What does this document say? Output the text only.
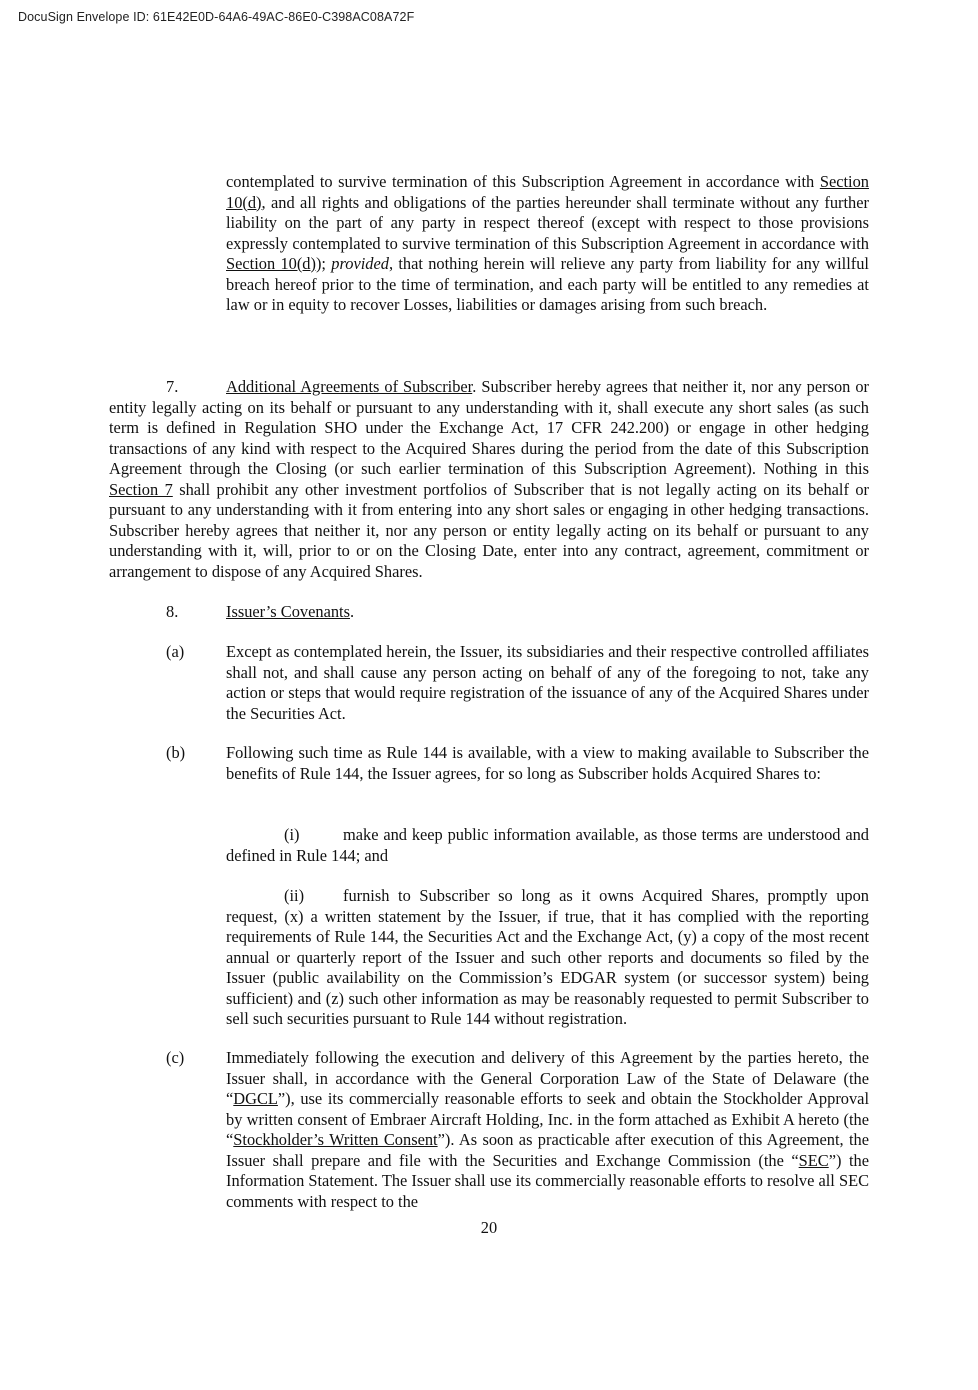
DocuSign Envelope ID: 61E42E0D-64A6-49AC-86E0-C398AC08A72F

contemplated to survive termination of this Subscription Agreement in accordance with Section 10(d), and all rights and obligations of the parties hereunder shall terminate without any further liability on the part of any party in respect thereof (except with respect to those provisions expressly contemplated to survive termination of this Subscription Agreement in accordance with Section 10(d)); provided, that nothing herein will relieve any party from liability for any willful breach hereof prior to the time of termination, and each party will be entitled to any remedies at law or in equity to recover Losses, liabilities or damages arising from such breach.

7.	Additional Agreements of Subscriber. Subscriber hereby agrees that neither it, nor any person or entity legally acting on its behalf or pursuant to any understanding with it, shall execute any short sales (as such term is defined in Regulation SHO under the Exchange Act, 17 CFR 242.200) or engage in other hedging transactions of any kind with respect to the Acquired Shares during the period from the date of this Subscription Agreement through the Closing (or such earlier termination of this Subscription Agreement). Nothing in this Section 7 shall prohibit any other investment portfolios of Subscriber that is not legally acting on its behalf or pursuant to any understanding with it from entering into any short sales or engaging in other hedging transactions. Subscriber hereby agrees that neither it, nor any person or entity legally acting on its behalf or pursuant to any understanding with it, will, prior to or on the Closing Date, enter into any contract, agreement, commitment or arrangement to dispose of any Acquired Shares.

8.	Issuer’s Covenants.

(a)	Except as contemplated herein, the Issuer, its subsidiaries and their respective controlled affiliates shall not, and shall cause any person acting on behalf of any of the foregoing to not, take any action or steps that would require registration of the issuance of any of the Acquired Shares under the Securities Act.

(b) Following such time as Rule 144 is available, with a view to making available to Subscriber the benefits of Rule 144, the Issuer agrees, for so long as Subscriber holds Acquired Shares to:

(i)	make and keep public information available, as those terms are understood and defined in Rule 144; and

(ii)	furnish to Subscriber so long as it owns Acquired Shares, promptly upon request, (x) a written statement by the Issuer, if true, that it has complied with the reporting requirements of Rule 144, the Securities Act and the Exchange Act, (y) a copy of the most recent annual or quarterly report of the Issuer and such other reports and documents so filed by the Issuer (public availability on the Commission’s EDGAR system (or successor system) being sufficient) and (z) such other information as may be reasonably requested to permit Subscriber to sell such securities pursuant to Rule 144 without registration.

(c)	Immediately following the execution and delivery of this Agreement by the parties hereto, the Issuer shall, in accordance with the General Corporation Law of the State of Delaware (the “DGCL”), use its commercially reasonable efforts to seek and obtain the Stockholder Approval by written consent of Embraer Aircraft Holding, Inc. in the form attached as Exhibit A hereto (the “Stockholder’s Written Consent”). As soon as practicable after execution of this Agreement, the Issuer shall prepare and file with the Securities and Exchange Commission (the “SEC”) the Information Statement. The Issuer shall use its commercially reasonable efforts to resolve all SEC comments with respect to the

20
